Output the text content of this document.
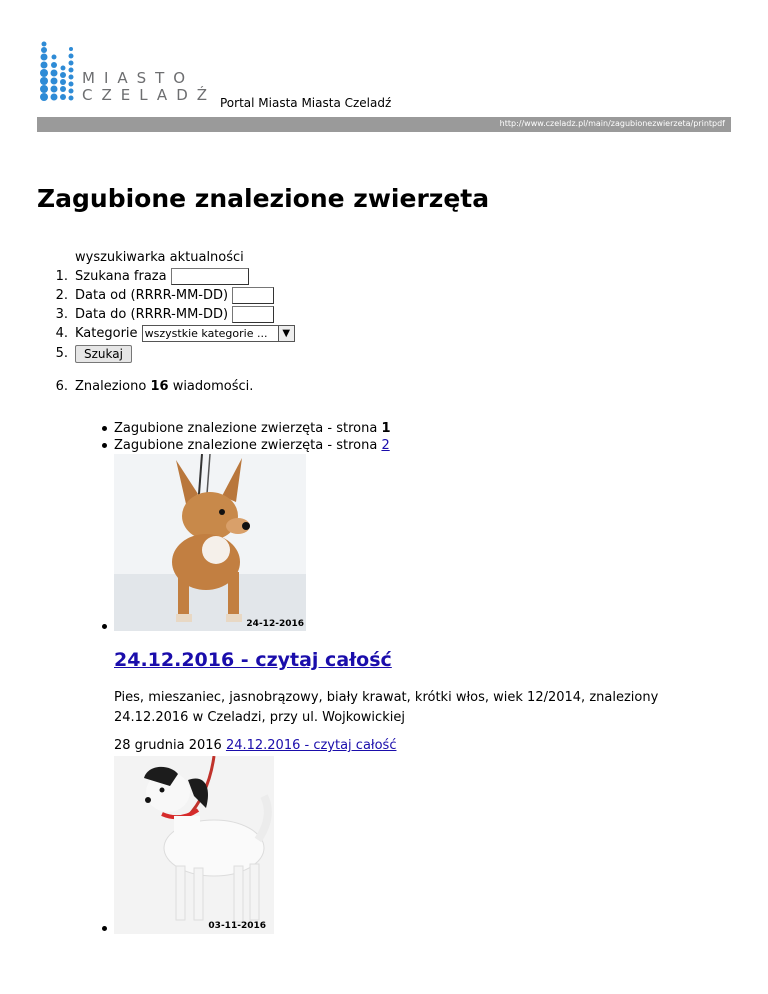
MIASTO
CZELADŹ Portal Miasta Miasta Czeladź
http://www.czeladz.pl/main/zagubionezwierzeta/printpdf
Zagubione znalezione zwierzęta
wyszukiwarka aktualności
1. Szukana fraza
2. Data od (RRRR-MM-DD)
3. Data do (RRRR-MM-DD)
4. Kategorie wszystkie kategorie ...	▼
5.	Szukaj
6. Znaleziono 16 wiadomości.
Zagubione znalezione zwierzęta - strona 1
Zagubione znalezione zwierzęta - strona 2
24-12-2016
24.12.2016 - czytaj całość
Pies, mieszaniec, jasnobrązowy, biały krawat, krótki włos, wiek 12/2014, znaleziony 24.12.2016 w Czeladzi, przy ul. Wojkowickiej
28 grudnia 2016 24.12.2016 - czytaj całość
03-11-2016
